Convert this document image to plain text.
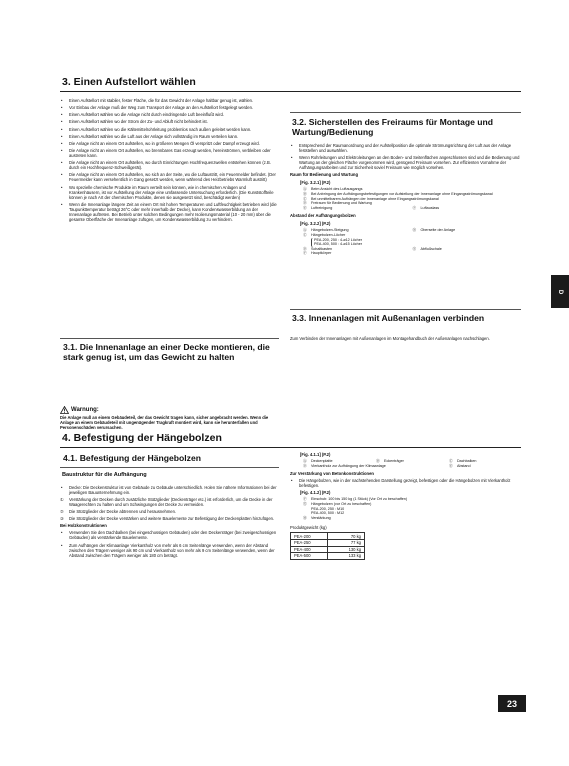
3. Einen Aufstellort wählen
• Einen Aufstellort mit stabiler, fester Fläche, die für das Gewicht der Anlage haltbar genug ist, wählen.
• Vor Einbau der Anlage muß der Weg zum Transport der Anlage an den Aufstellort festgelegt werden.
• Einen Aufstellort wählen wo die Anlage nicht durch eindringende Luft beeinflußt wird.
• Einen Aufstellort wählen wo der Strom der Zu- und Abluft nicht behindert ist.
• Einen Aufstellort wählen wo die Kältemittelrohrleitung problemlos nach außen geleitet werden kann.
• Einen Aufstellort wählen wo die Luft aus der Anlage sich vollständig im Raum verteilen kann.
• Die Anlage nicht an einem Ort aufstellen, wo in größeren Mengen Öl verspritzt oder Dampf erzeugt wird.
• Die Anlage nicht an einem Ort aufstellen, wo brennbares Gas erzeugt werden, hereinströmen, verbleiben oder austreten kann.
• Die Anlage nicht an einem Ort aufstellen, wo durch Einrichtungen Hochfrequenzwellen entstehen können (z.B. durch ein Hochfrequenz-Schweißgerät).
• Die Anlage nicht an einem Ort aufstellen, wo sich an der Seite, wo die Luftaustritt, ein Feuermelder befindet. (Der Feuermelder kann versehentlich in Gang gesetzt werden, wenn während des Heizbetriebs Warmluft austritt)
• Wo spezielle chemische Produkte im Raum verteilt sein können, wie in chemischen Anlagen und Krankenhäusern, ist vor Aufstellung der Anlage eine umfassende Untersuchung erforderlich. (Die Kunststoffteile können je nach Art der chemischen Produkte, denen sie ausgesetzt sind, beschädigt werden)
• Wenn die Innenanlage längere Zeit an einem Ort mit hohen Temperaturen und Luftfeuchtigkeit betrieben wird (die Taupunkttemperatur beträgt 26°C oder mehr innerhalb der Decke), kann Kondenswasserbildung an der Innenanlage auftreten. Bei Betrieb unter solchen Bedingungen mehr Isolierungsmaterial (10 - 20 mm) über die gesamte Oberfläche der Innenanlage zufügen, um Kondenswasserbildung zu verhindern.
3.1. Die Innenanlage an einer Decke montieren, die stark genug ist, um das Gewicht zu halten
Warnung:
Die Anlage muß an einem Gebäudeteil, der das Gewicht tragen kann, sicher angebracht werden. Wenn die Anlage an einem Gebäudeteil mit ungenügender Tragkraft montiert wird, kann sie herunterfallen und Personenschäden verursachen.
3.2. Sicherstellen des Freiraums für Montage und Wartung/Bedienung
• Entsprechend der Raumanordnung und der Aufstellposition die optimale Strömungsrichtung der Luft aus der Anlage feststellen und auswählen.
• Wenn Rohrleitungen und Elektroleitungen an den Boden- und Seitenflächen angeschlossen sind und die Bedienung und Wartung an der gleichen Fläche vorgenommen wird, genügend Freiraum vorsehen. Zur effizienten Vornahme der Aufhängungsarbeiten und zur Sicherheit soviel Freiraum wie möglich vorsehen.
Raum für Bedienung und Wartung
[Fig. 3.2.1] (P.2)
Ⓐ	Beim Ansicht des Luftausgangs
Ⓑ	Bei Anbringung der Aufhängungsbefestigungen vor Aufstellung der Innenanlage ohne Eingangsströmungskanal
Ⓒ	Bei unmittelbarem Aufhängen der Innenanlage ohne Eingangsströmungskanal
Ⓓ	Freiraum für Bedienung und Wartung
Ⓔ	Luftreinigung	Ⓕ	Luftauslass
Abstand der Aufhängungsbolzen
[Fig. 3.2.2] (P.2)
Ⓐ	Hängebolzen-Steigung	Ⓑ	Oberseite der Anlage
Ⓒ	Hängebolzen-Löcher
PEA-200, 250 : 4-ø12 Löcher
PEA-400, 500 : 4-ø15 Löcher
Ⓓ	Schaltkasten	Ⓔ	Abflußschale
Ⓕ	Hauptkörper
3.3. Innenanlagen mit Außenanlagen verbinden
Zum Verbinden der Innenanlagen mit Außenanlagen im Montagehandbuch der Außenanlagen nachschlagen.
D
4. Befestigung der Hängebolzen
4.1. Befestigung der Hängebolzen
Baustruktur für die Aufhängung
• Decke: Die Deckenstruktur ist von Gebäude zu Gebäude unterschiedlich. Holen Sie nähere Informationen bei der jeweiligen Bauunternehmung ein.
①	Verstärkung der Decken durch zusätzliche Stützglieder (Deckenträger etc.) ist erforderlich, um die Decke in der Waagerechten zu halten und um Schwingungen der Decke zu vermeiden.
②	Die Stützglieder der Decke abtrennen und herausnehmen.
③	Die Stützglieder der Decke verstärken und weitere Bauelemente zur Befestigung der Deckenplatten hinzufügen.
Bei Holzkonstruktionen
• Verwenden Sie den Dachbalken (bei eingeschossigen Gebäuden) oder den Deckenträger (bei zweigeschossigen Gebäuden) als verstärkende Bauelemente.
• Zum Aufhängen der Klimaanlage Vierkantholz von mehr als 6 cm Seitenlänge verwenden, wenn der Abstand zwischen den Trägern weniger als 90 cm und Vierkantholz von mehr als 9 cm Seitenlänge verwenden, wenn der Abstand zwischen den Trägern weniger als 180 cm beträgt.
[Fig. 4.1.1] (P.2)
Ⓐ	Deckenplatte	Ⓑ	Eckenträger	Ⓒ	Dachbalken
Ⓓ	Vierkantholz zur Aufhängung der Klimaanlage	Ⓔ	Abstand
Zur Verstärkung von Betonkonstruktionen
• Die Hängebolzen, wie in der nachstehenden Darstellung gezeigt, befestigen oder die Hängebolzen mit Vierkantholz befestigen.
[Fig. 4.1.2] (P.2)
Ⓕ	Einschub: 100 bis 150 kg (1 Stück) (Vor Ort zu beschaffen)
Ⓖ	Hängebolzen (vor Ort zu beschaffen)
PEA-200, 250 : M10
PEA-400, 500 : M12
Ⓗ	Verstärkung
Produktgewicht (kg)
PEA-200	70 kg
PEA-250	77 kg
PEA-400	130 kg
PEA-500	133 kg
23
